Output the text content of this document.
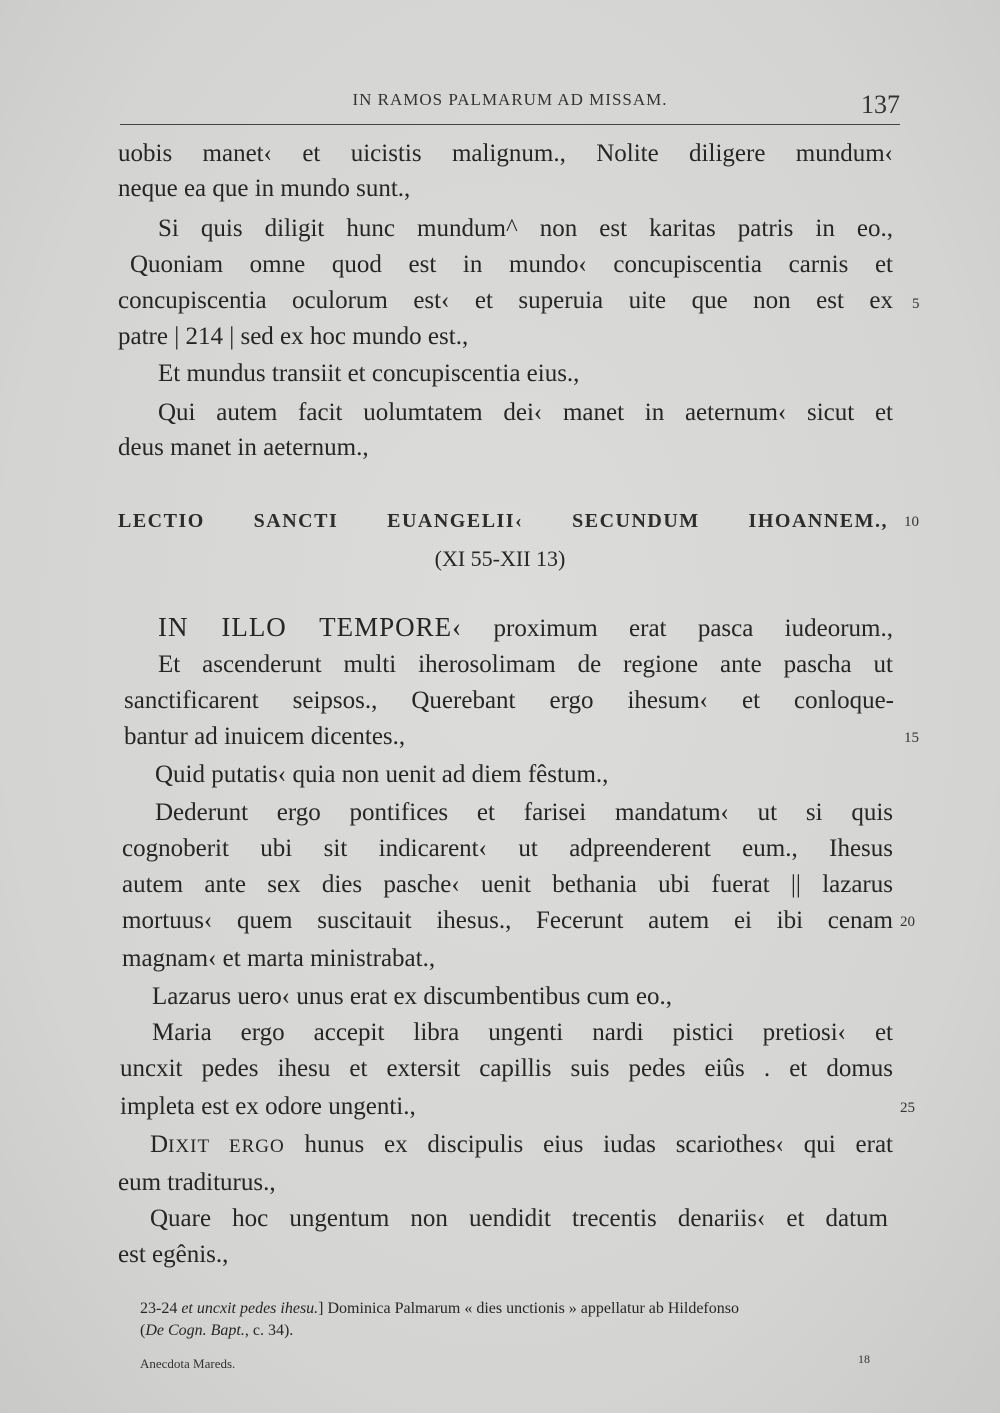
IN RAMOS PALMARUM AD MISSAM.	137
uobis manet‹ et uicistis malignum., Nolite diligere mundum‹
neque ea que in mundo sunt.,
Si quis diligit hunc mundum^ non est karitas patris in eo.,
Quoniam omne quod est in mundo‹ concupiscentia carnis et
concupiscentia oculorum est‹ et superuia uite que non est ex
patre | 214 | sed ex hoc mundo est.,
Et mundus transiit et concupiscentia eius.,
Qui autem facit uolumtatem dei‹ manet in aeternum‹ sicut et
deus manet in aeternum.,
5
LECTIO SANCTI EUANGELII‹ SECUNDUM IHOANNEM., 10
(XI 55-XII 13)
IN ILLO TEMPORE‹ proximum erat pasca iudeorum.,
Et ascenderunt multi iherosolimam de regione ante pascha ut
sanctificarent seipsos., Querebant ergo ihesum‹ et conloque-
bantur ad inuicem dicentes.,	15
Quid putatis‹ quia non uenit ad diem fêstum.,
Dederunt ergo pontifices et farisei mandatum‹ ut si quis
cognoberit ubi sit indicarent‹ ut adpreenderent eum., Ihesus
autem ante sex dies pasche‹ uenit bethania ubi fuerat || lazarus
mortuus‹ quem suscitauit ihesus., Fecerunt autem ei ibi cenam 20
magnam‹ et marta ministrabat.,
Lazarus uero‹ unus erat ex discumbentibus cum eo.,
Maria ergo accepit libra ungenti nardi pistici pretiosi‹ et
uncxit pedes ihesu et extersit capillis suis pedes eiûs . et domus
impleta est ex odore ungenti.,	25
DIXIT ERGO hunus ex discipulis eius iudas scariothes‹ qui erat
eum traditurus.,
Quare hoc ungentum non uendidit trecentis denariis‹ et datum
est egênis.,
23-24 et uncxit pedes ihesu.] Dominica Palmarum « dies unctionis » appellatur ab Hildefonso
(De Cogn. Bapt., c. 34).
Anecdota Mareds.	18
